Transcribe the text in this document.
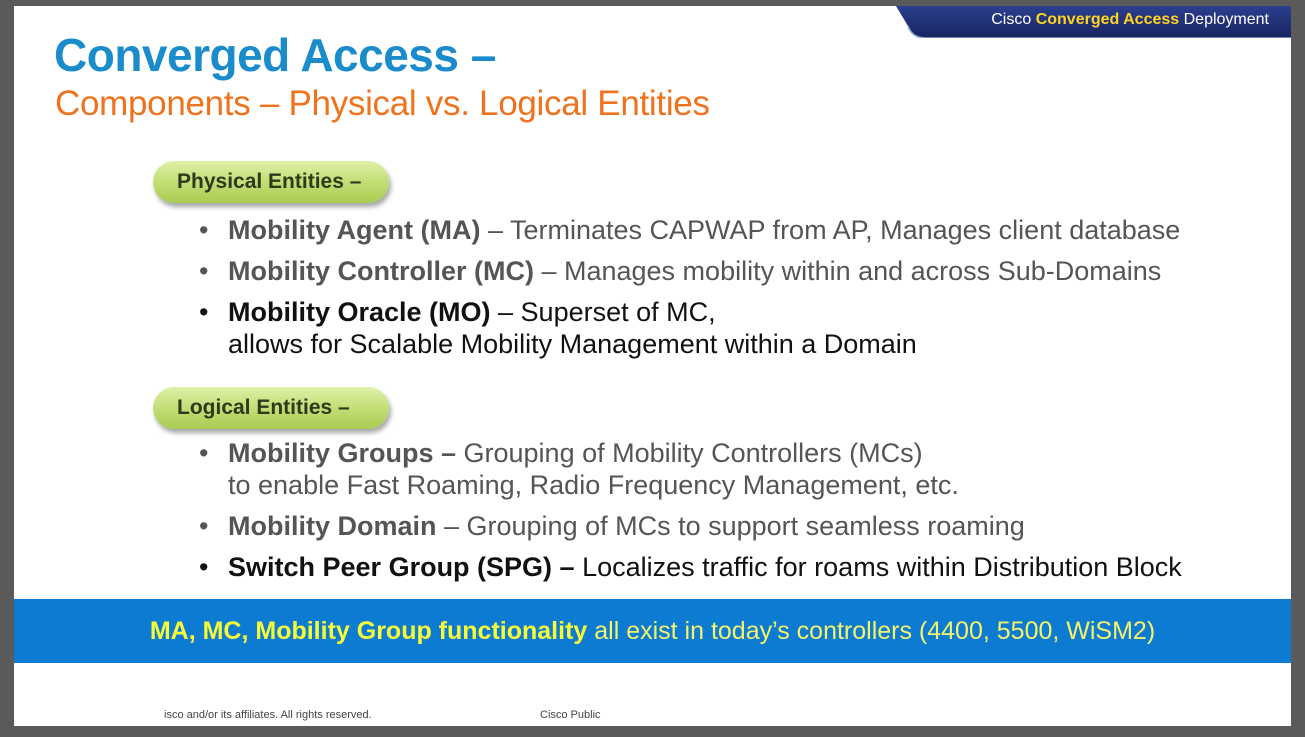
Cisco Converged Access Deployment
Converged Access –
Components – Physical vs. Logical Entities
Physical Entities –
• Mobility Agent (MA) – Terminates CAPWAP from AP, Manages client database
• Mobility Controller (MC) – Manages mobility within and across Sub-Domains
• Mobility Oracle (MO) – Superset of MC,
allows for Scalable Mobility Management within a Domain
Logical Entities –
• Mobility Groups – Grouping of Mobility Controllers (MCs)
to enable Fast Roaming, Radio Frequency Management, etc.
• Mobility Domain – Grouping of MCs to support seamless roaming
• Switch Peer Group (SPG) – Localizes traffic for roams within Distribution Block
MA, MC, Mobility Group functionality all exist in today’s controllers (4400, 5500, WiSM2)
isco and/or its affiliates. All rights reserved.	Cisco Public
